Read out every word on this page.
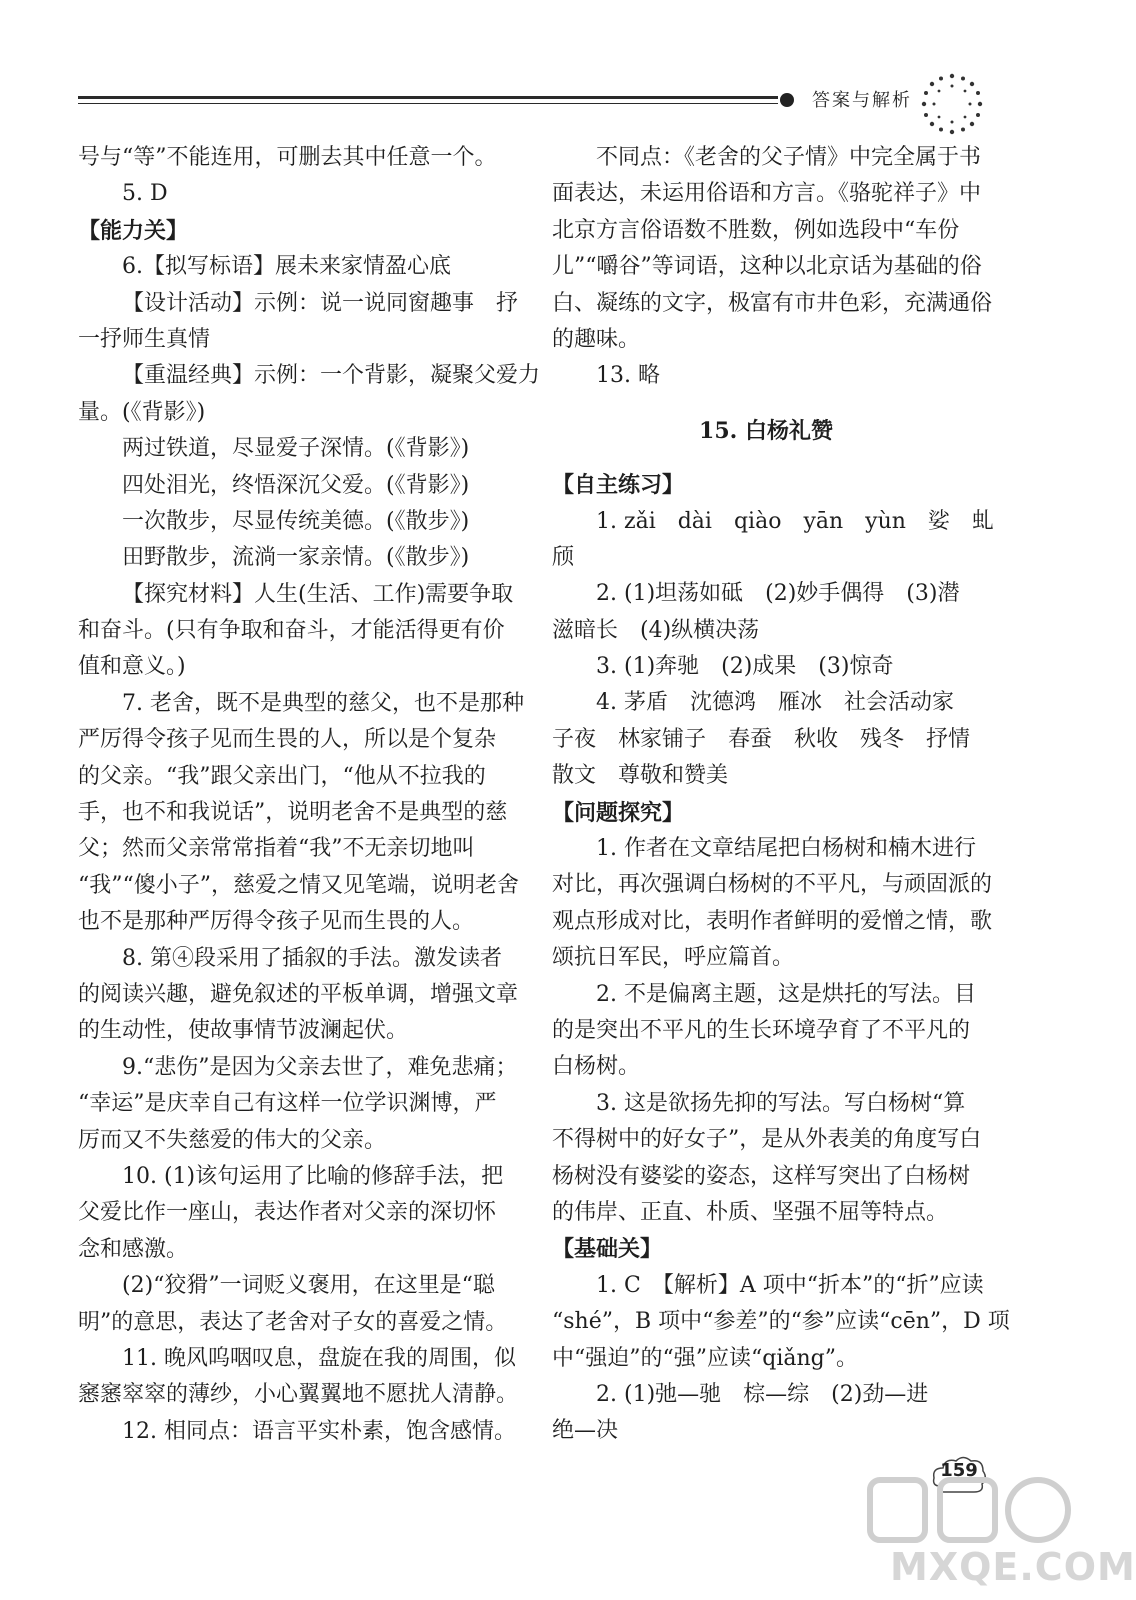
答案与解析
号与“等”不能连用，可删去其中任意一个。
5. D
【能力关】
6.【拟写标语】展未来家情盈心底
【设计活动】示例：说一说同窗趣事　抒
一抒师生真情
【重温经典】示例：一个背影，凝聚父爱力
量。(《背影》)
两过铁道，尽显爱子深情。(《背影》)
四处泪光，终悟深沉父爱。(《背影》)
一次散步，尽显传统美德。(《散步》)
田野散步，流淌一家亲情。(《散步》)
【探究材料】人生(生活、工作)需要争取
和奋斗。(只有争取和奋斗，才能活得更有价
值和意义。)
7. 老舍，既不是典型的慈父，也不是那种
严厉得令孩子见而生畏的人，所以是个复杂
的父亲。“我”跟父亲出门，“他从不拉我的
手，也不和我说话”，说明老舍不是典型的慈
父；然而父亲常常指着“我”不无亲切地叫
“我”“傻小子”，慈爱之情又见笔端，说明老舍
也不是那种严厉得令孩子见而生畏的人。
8. 第④段采用了插叙的手法。激发读者
的阅读兴趣，避免叙述的平板单调，增强文章
的生动性，使故事情节波澜起伏。
9.“悲伤”是因为父亲去世了，难免悲痛；
“幸运”是庆幸自己有这样一位学识渊博，严
厉而又不失慈爱的伟大的父亲。
10. (1)该句运用了比喻的修辞手法，把
父爱比作一座山，表达作者对父亲的深切怀
念和感激。
(2)“狡猾”一词贬义褒用，在这里是“聪
明”的意思，表达了老舍对子女的喜爱之情。
11. 晚风呜咽叹息，盘旋在我的周围，似
窸窸窣窣的薄纱，小心翼翼地不愿扰人清静。
12. 相同点：语言平实朴素，饱含感情。
不同点：《老舍的父子情》中完全属于书
面表达，未运用俗语和方言。《骆驼祥子》中
北京方言俗语数不胜数，例如选段中“车份
儿”“嚼谷”等词语，这种以北京话为基础的俗
白、凝练的文字，极富有市井色彩，充满通俗
的趣味。
13. 略
15. 白杨礼赞
【自主练习】
1. zǎi　dài　qiào　yān　yùn　娑　虬
颀
2. (1)坦荡如砥　(2)妙手偶得　(3)潜
滋暗长　(4)纵横决荡
3. (1)奔驰　(2)成果　(3)惊奇
4. 茅盾　沈德鸿　雁冰　社会活动家
子夜　林家铺子　春蚕　秋收　残冬　抒情
散文　尊敬和赞美
【问题探究】
1. 作者在文章结尾把白杨树和楠木进行
对比，再次强调白杨树的不平凡，与顽固派的
观点形成对比，表明作者鲜明的爱憎之情，歌
颂抗日军民，呼应篇首。
2. 不是偏离主题，这是烘托的写法。目
的是突出不平凡的生长环境孕育了不平凡的
白杨树。
3. 这是欲扬先抑的写法。写白杨树“算
不得树中的好女子”，是从外表美的角度写白
杨树没有婆娑的姿态，这样写突出了白杨树
的伟岸、正直、朴质、坚强不屈等特点。
【基础关】
1. C　【解析】A 项中“折本”的“折”应读
“shé”，B 项中“参差”的“参”应读“cēn”，D 项
中“强迫”的“强”应读“qiǎng”。
2. (1)弛—驰　棕—综　(2)劲—进
绝—决
159
MXQE.COM
